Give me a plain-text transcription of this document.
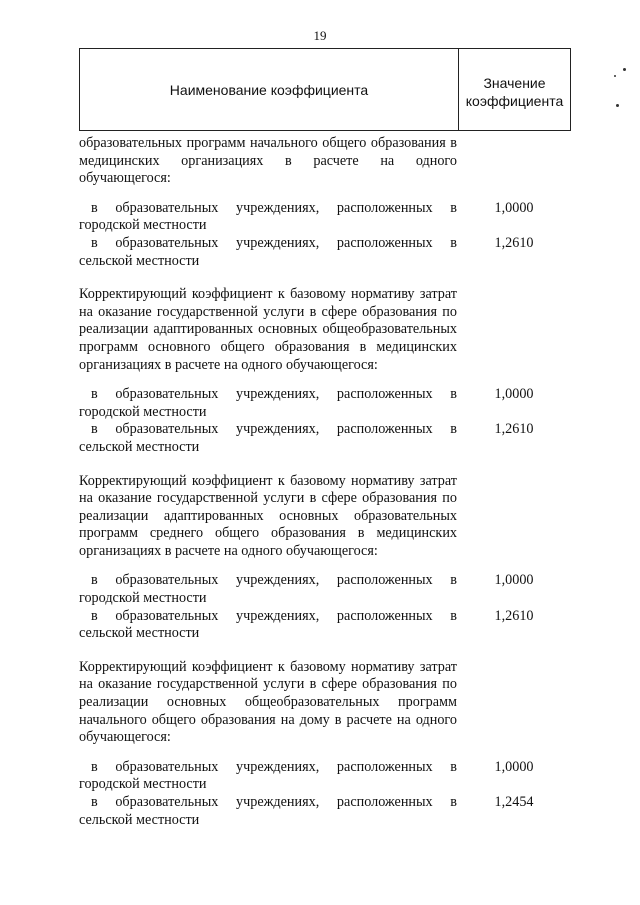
19
Наименование коэффициента	Значение
коэффициента
образовательных программ начального общего образования в медицинских организациях в расчете на одного обучающегося:
в образовательных учреждениях, расположенных в городской местности
1,0000
в образовательных учреждениях, расположенных в сельской местности
1,2610
Корректирующий коэффициент к базовому нормативу затрат на оказание государственной услуги в сфере образования по реализации адаптированных основных общеобразовательных программ основного общего образования в медицинских организациях в расчете на одного обучающегося:
в образовательных учреждениях, расположенных в городской местности
1,0000
в образовательных учреждениях, расположенных в сельской местности
1,2610
Корректирующий коэффициент к базовому нормативу затрат на оказание государственной услуги в сфере образования по реализации адаптированных основных образовательных программ среднего общего образования в медицинских организациях в расчете на одного обучающегося:
в образовательных учреждениях, расположенных в городской местности
1,0000
в образовательных учреждениях, расположенных в сельской местности
1,2610
Корректирующий коэффициент к базовому нормативу затрат на оказание государственной услуги в сфере образования по реализации основных общеобразовательных программ начального общего образования на дому в расчете на одного обучающегося:
в образовательных учреждениях, расположенных в городской местности
1,0000
в образовательных учреждениях, расположенных в сельской местности
1,2454
